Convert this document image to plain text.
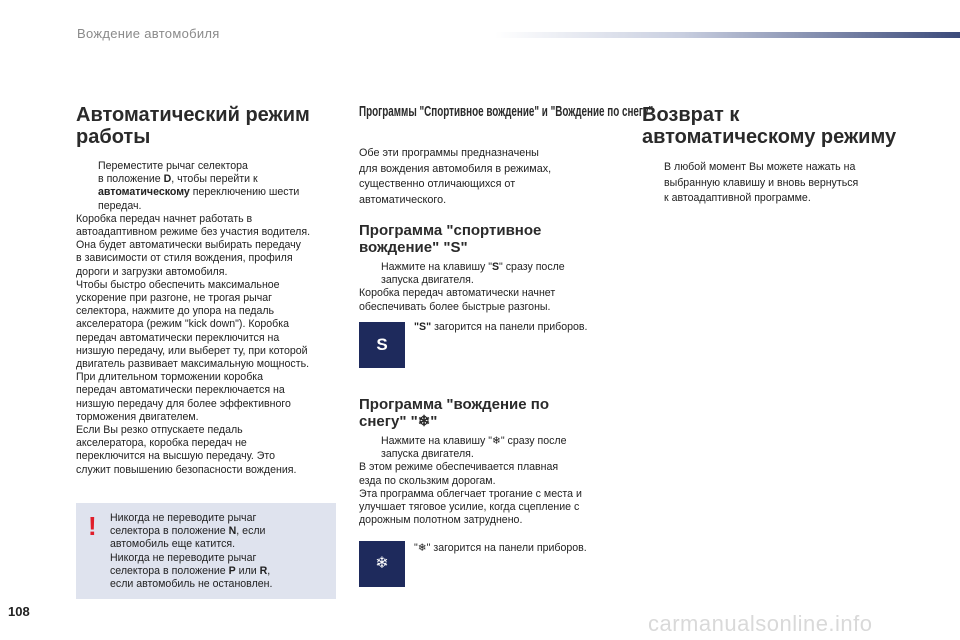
Вождение автомобиля
Автоматический режим
работы
Переместите рычаг селектора
в положение D, чтобы перейти к
автоматическому переключению шести
передач.
Коробка передач начнет работать в
автоадаптивном режиме без участия водителя.
Она будет автоматически выбирать передачу
в зависимости от стиля вождения, профиля
дороги и загрузки автомобиля.
Чтобы быстро обеспечить максимальное
ускорение при разгоне, не трогая рычаг
селектора, нажмите до упора на педаль
акселератора (режим "kick down"). Коробка
передач автоматически переключится на
низшую передачу, или выберет ту, при которой
двигатель развивает максимальную мощность.
При длительном торможении коробка
передач автоматически переключается на
низшую передачу для более эффективного
торможения двигателем.
Если Вы резко отпускаете педаль
акселератора, коробка передач не
переключится на высшую передачу. Это
служит повышению безопасности вождения.
! Никогда не переводите рычаг
селектора в положение N, если
автомобиль еще катится.
Никогда не переводите рычаг
селектора в положение P или R,
если автомобиль не остановлен.
Программы "Спортивное вождение" и "Вождение по снегу"
Обе эти программы предназначены
для вождения автомобиля в режимах,
существенно отличающихся от
автоматического.
Программа "спортивное
вождение" "S"
Нажмите на клавишу "S" сразу после
запуска двигателя.
Коробка передач автоматически начнет
обеспечивать более быстрые разгоны.
"S" загорится на панели приборов.
S
Программа "вождение по
снегу" "❄"
Нажмите на клавишу "❄" сразу после
запуска двигателя.
В этом режиме обеспечивается плавная
езда по скользким дорогам.
Эта программа облегчает трогание с места и
улучшает тяговое усилие, когда сцепление с
дорожным полотном затруднено.
"❄" загорится на панели приборов.
❄
Возврат к
автоматическому режиму
В любой момент Вы можете нажать на
выбранную клавишу и вновь вернуться
к автоадаптивной программе.
108	carmanualsonline.info
